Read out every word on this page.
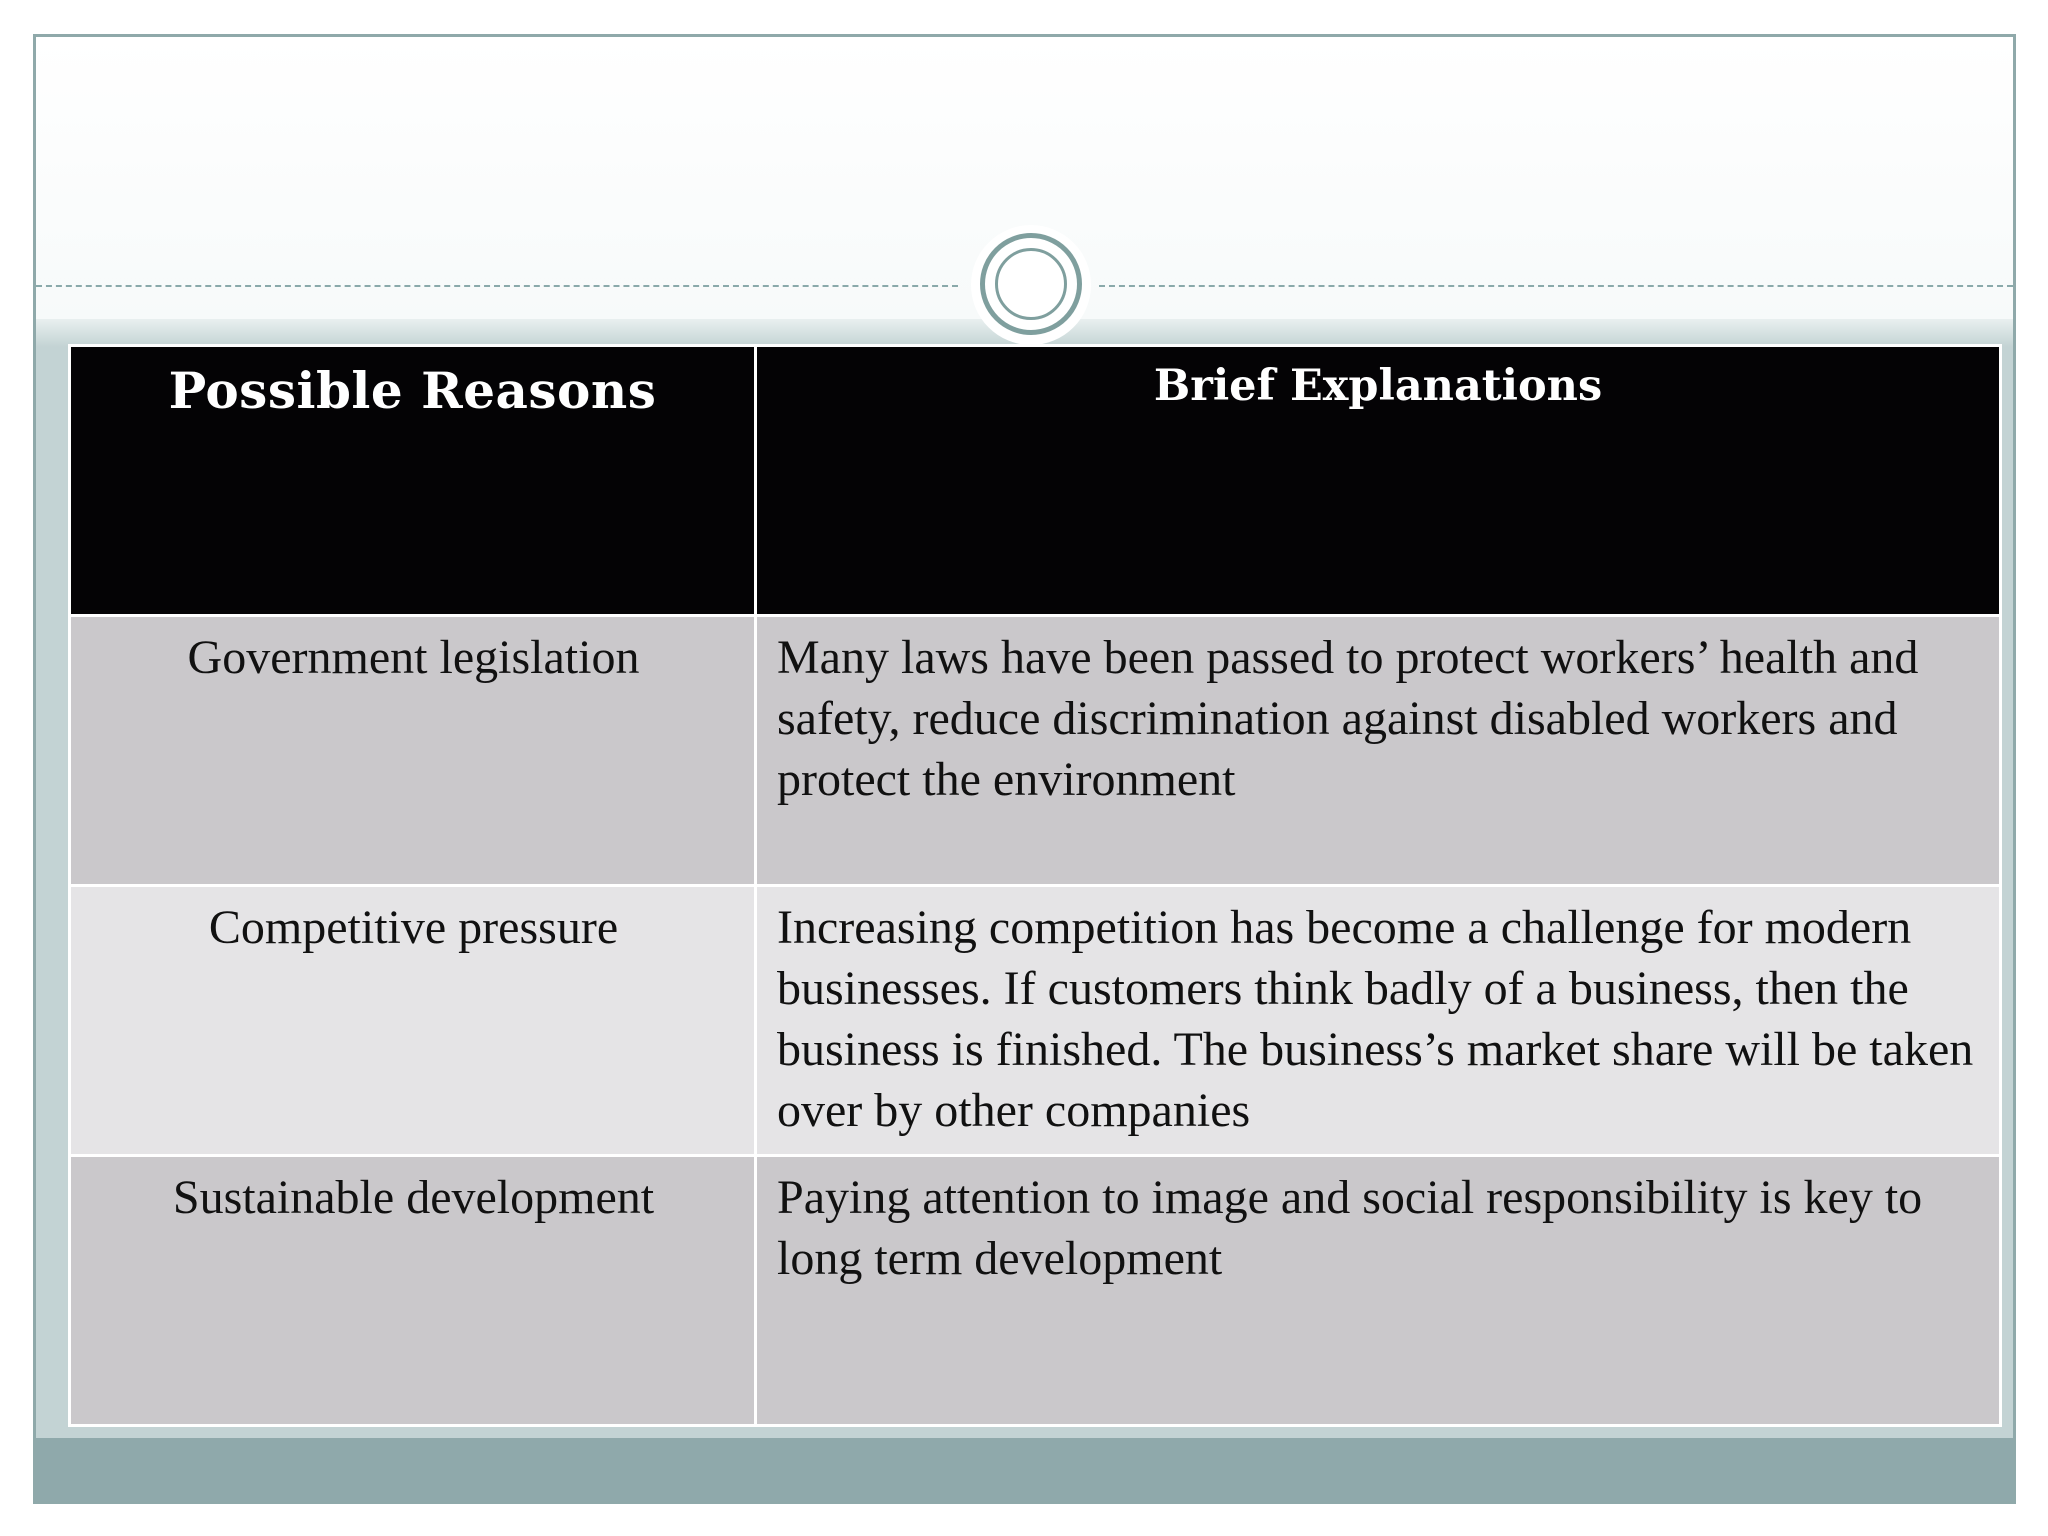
Possible Reasons	Brief Explanations
Government legislation	Many laws have been passed to protect workers’ health and safety, reduce discrimination against disabled workers and protect the environment
Competitive pressure	Increasing competition has become a challenge for modern businesses. If customers think badly of a business, then the business is finished. The business’s market share will be taken over by other companies
Sustainable development	Paying attention to image and social responsibility is key to long term development
